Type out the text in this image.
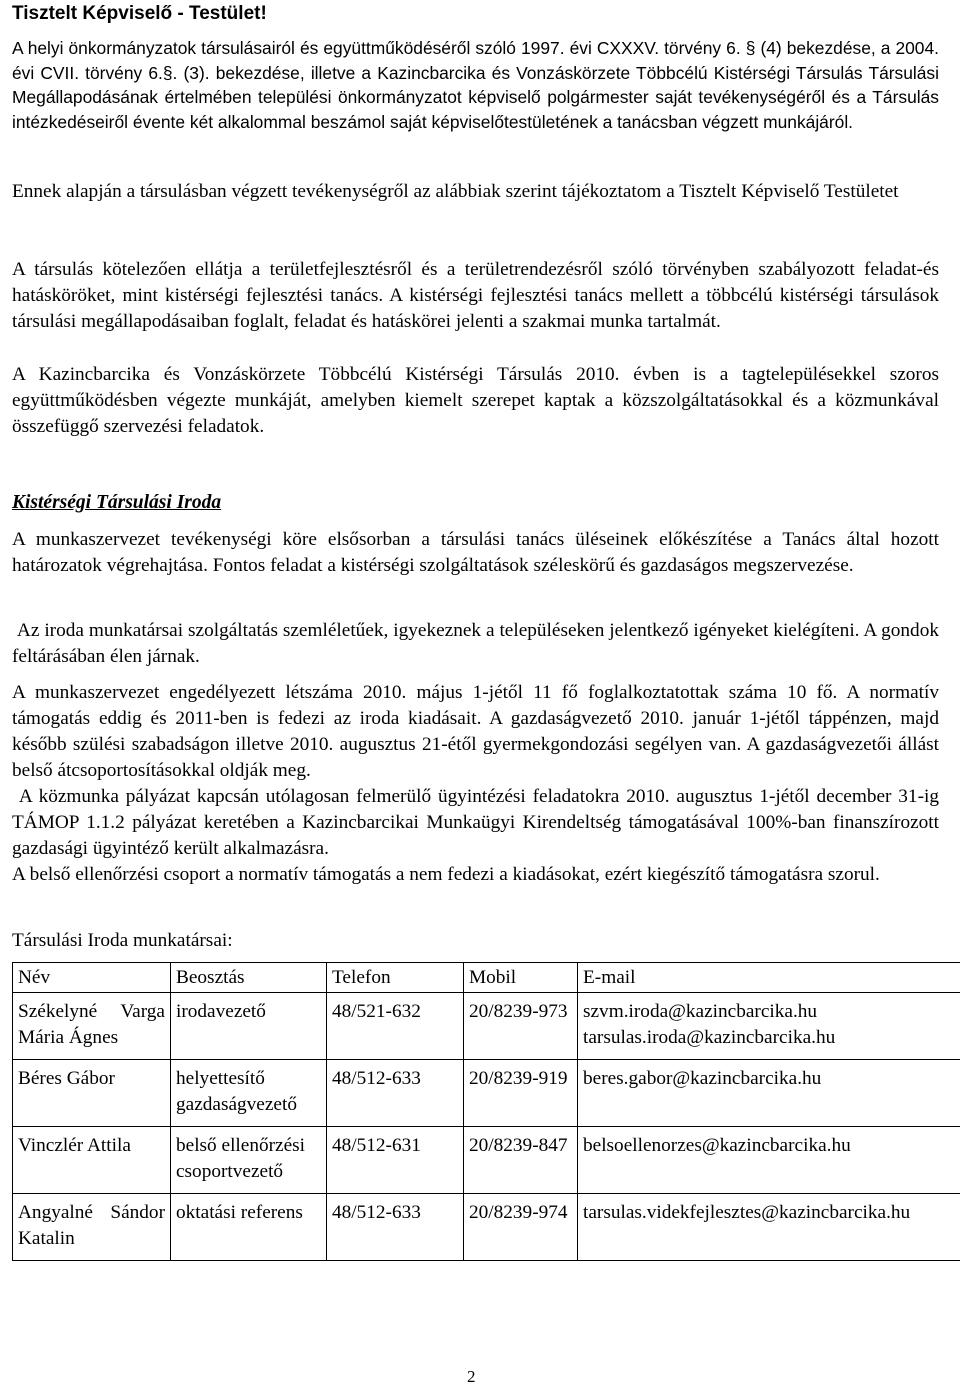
Tisztelt Képviselő - Testület!

A helyi önkormányzatok társulásairól és együttműködéséről szóló 1997. évi CXXXV. törvény 6. § (4) bekezdése, a 2004. évi CVII. törvény 6.§. (3). bekezdése, illetve a Kazincbarcika és Vonzáskörzete Többcélú Kistérségi Társulás Társulási Megállapodásának értelmében települési önkormányzatot képviselő polgármester saját tevékenységéről és a Társulás intézkedéseiről évente két alkalommal beszámol saját képviselőtestületének a tanácsban végzett munkájáról.

Ennek alapján a társulásban végzett tevékenységről az alábbiak szerint tájékoztatom a Tisztelt Képviselő Testületet

A társulás kötelezően ellátja a területfejlesztésről és a területrendezésről szóló törvényben szabályozott feladat-és hatásköröket, mint kistérségi fejlesztési tanács. A kistérségi fejlesztési tanács mellett a többcélú kistérségi társulások társulási megállapodásaiban foglalt, feladat és hatáskörei jelenti a szakmai munka tartalmát.

A Kazincbarcika és Vonzáskörzete Többcélú Kistérségi Társulás 2010. évben is a tagtelepülésekkel szoros együttműködésben végezte munkáját, amelyben kiemelt szerepet kaptak a közszolgáltatásokkal és a közmunkával összefüggő szervezési feladatok.

Kistérségi Társulási Iroda

A munkaszervezet tevékenységi köre elsősorban a társulási tanács üléseinek előkészítése a Tanács által hozott határozatok végrehajtása. Fontos feladat a kistérségi szolgáltatások széleskörű és gazdaságos megszervezése.

Az iroda munkatársai szolgáltatás szemléletűek, igyekeznek a településeken jelentkező igényeket kielégíteni. A gondok feltárásában élen járnak.

A munkaszervezet engedélyezett létszáma 2010. május 1-jétől 11 fő foglalkoztatottak száma 10 fő. A normatív támogatás eddig és 2011-ben is fedezi az iroda kiadásait. A gazdaságvezető 2010. január 1-jétől táppénzen, majd később szülési szabadságon illetve 2010. augusztus 21-étől gyermekgondozási segélyen van. A gazdaságvezetői állást belső átcsoportosításokkal oldják meg.

A közmunka pályázat kapcsán utólagosan felmerülő ügyintézési feladatokra 2010. augusztus 1-jétől december 31-ig TÁMOP 1.1.2 pályázat keretében a Kazincbarcikai Munkaügyi Kirendeltség támogatásával 100%-ban finanszírozott gazdasági ügyintéző került alkalmazásra.

A belső ellenőrzési csoport a normatív támogatás a nem fedezi a kiadásokat, ezért kiegészítő támogatásra szorul.

Társulási Iroda munkatársai:

Név	Beosztás	Telefon	Mobil	E-mail
Székelyné Varga Mária Ágnes	irodavezető	48/521-632	20/8239-973	szvm.iroda@kazincbarcika.hu tarsulas.iroda@kazincbarcika.hu
Béres Gábor	helyettesítő gazdaságvezető	48/512-633	20/8239-919	beres.gabor@kazincbarcika.hu
Vinczlér Attila	belső ellenőrzési csoportvezető	48/512-631	20/8239-847	belsoellenorzes@kazincbarcika.hu
Angyalné Sándor Katalin	oktatási referens	48/512-633	20/8239-974	tarsulas.videkfejlesztes@kazincbarcika.hu
2
